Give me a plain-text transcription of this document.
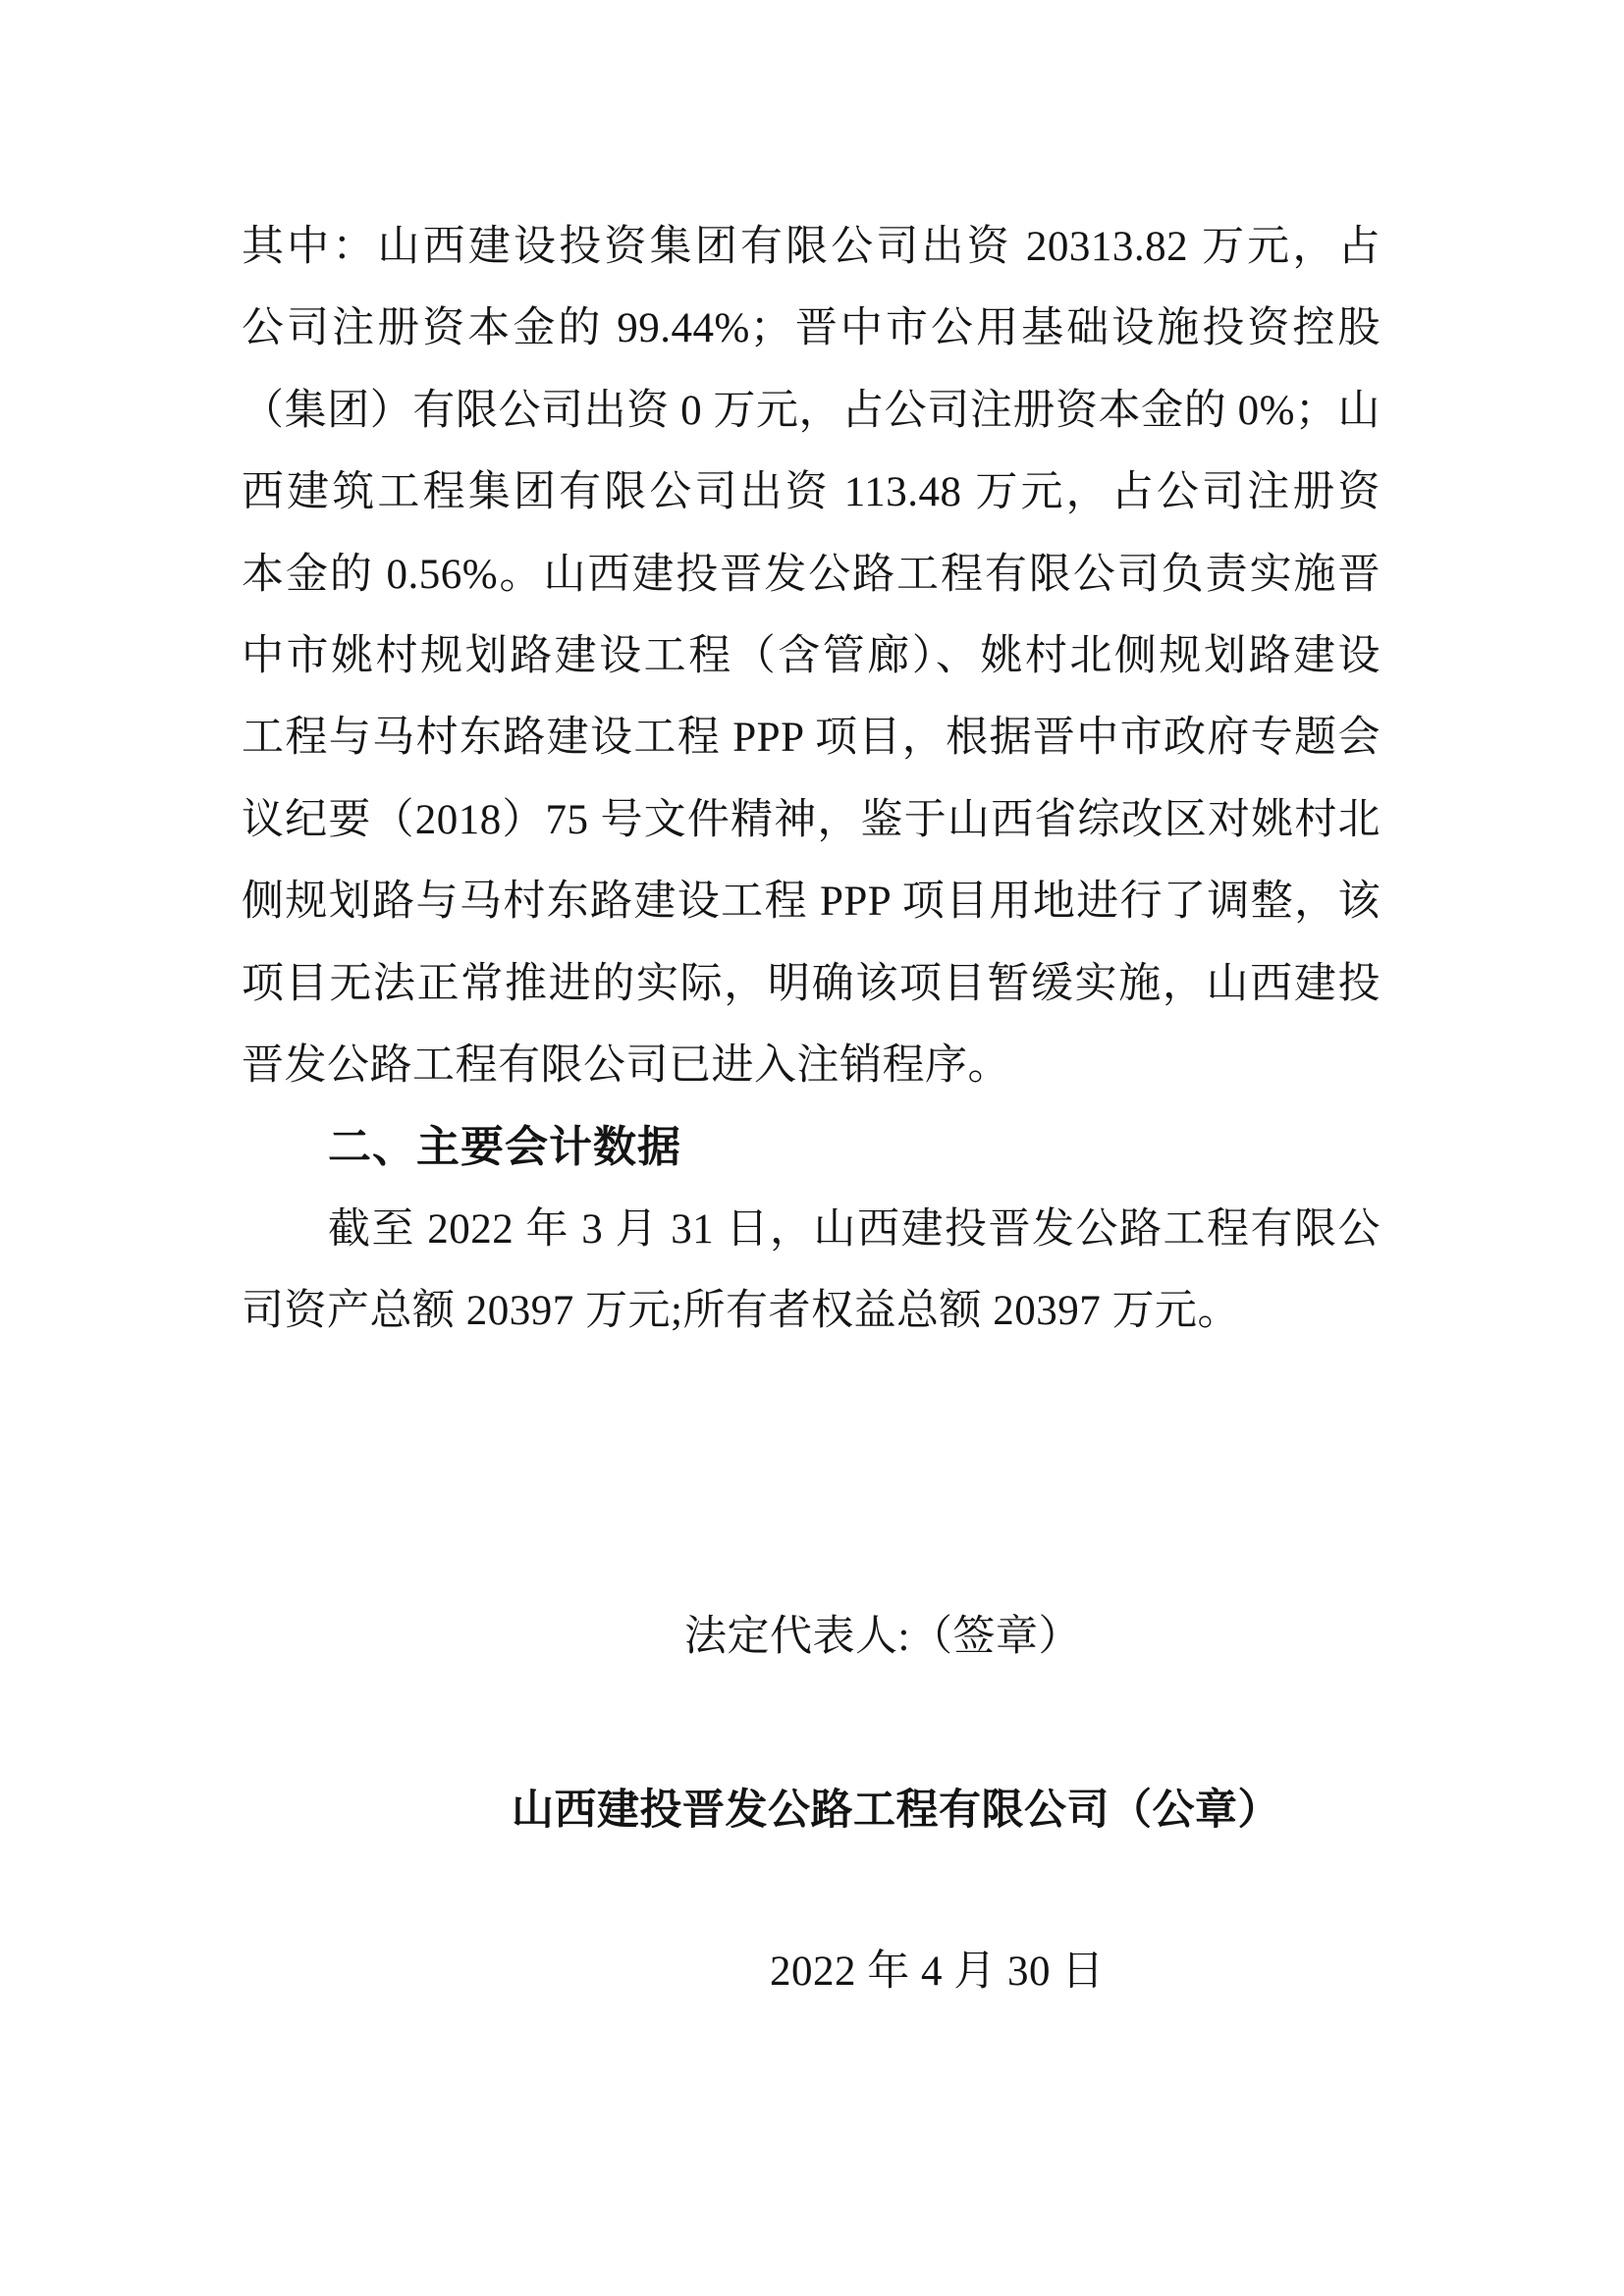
其中：山西建设投资集团有限公司出资 20313.82 万元，占
公司注册资本金的 99.44%；晋中市公用基础设施投资控股
（集团）有限公司出资 0 万元，占公司注册资本金的 0%；山
西建筑工程集团有限公司出资 113.48 万元，占公司注册资
本金的 0.56%。山西建投晋发公路工程有限公司负责实施晋
中市姚村规划路建设工程（含管廊）、姚村北侧规划路建设
工程与马村东路建设工程 PPP 项目，根据晋中市政府专题会
议纪要（2018）75 号文件精神，鉴于山西省综改区对姚村北
侧规划路与马村东路建设工程 PPP 项目用地进行了调整，该
项目无法正常推进的实际，明确该项目暂缓实施，山西建投
晋发公路工程有限公司已进入注销程序。
二、主要会计数据
截至 2022 年 3 月 31 日，山西建投晋发公路工程有限公
司资产总额 20397 万元;所有者权益总额 20397 万元。
法定代表人:（签章）
山西建投晋发公路工程有限公司（公章）
2022 年 4 月 30 日
